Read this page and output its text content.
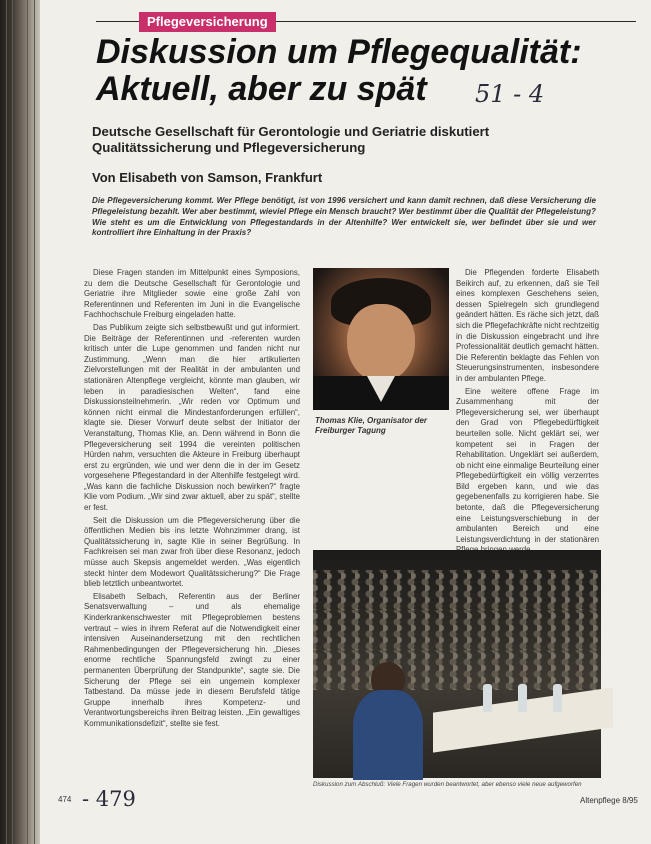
Pflegeversicherung
Diskussion um Pflegequalität:
Aktuell, aber zu spät	51 - 4

Deutsche Gesellschaft für Gerontologie und Geriatrie diskutiert Qualitätssicherung und Pflegeversicherung

Von Elisabeth von Samson, Frankfurt

Die Pflegeversicherung kommt. Wer Pflege benötigt, ist von 1996 versichert und kann damit rechnen, daß diese Versicherung die Pflegeleistung bezahlt. Wer aber bestimmt, wieviel Pflege ein Mensch braucht? Wer bestimmt über die Qualität der Pflegeleistung? Wie steht es um die Entwicklung von Pflegestandards in der Altenhilfe? Wer entwickelt sie, wer befindet über sie und wer kontrolliert ihre Einhaltung in der Praxis?

Diese Fragen standen im Mittelpunkt eines Symposions, zu dem die Deutsche Gesellschaft für Gerontologie und Geriatrie ihre Mitglieder sowie eine große Zahl von Referentinnen und Referenten im Juni in die Evangelische Fachhochschule Freiburg eingeladen hatte.

Das Publikum zeigte sich selbstbewußt und gut informiert. Die Beiträge der Referentinnen und -referenten wurden kritisch unter die Lupe genommen und fanden nicht nur Zustimmung. „Wenn man die hier artikulierten Zielvorstellungen mit der Realität in der ambulanten und stationären Altenpflege vergleicht, könnte man glauben, wir leben in paradiesischen Welten“, fand eine Diskussionsteilnehmerin. „Wir reden vor Optimum und können nicht einmal die Mindestanforderungen erfüllen“, klagte sie. Dieser Vorwurf deute selbst der Initiator der Veranstaltung, Thomas Klie, an. Denn während in Bonn die Pflegeversicherung seit 1994 die vereinten politischen Hürden nahm, versuchten die Akteure in Freiburg überhaupt erst zu ergründen, wie und wer denn die in der im Gesetz vorgesehene Pflegestandard in der Altenhilfe festgelegt wird. „Was kann die fachliche Diskussion noch bewirken?“ fragte Klie vom Podium. „Wir sind zwar aktuell, aber zu spät“, stellte er fest.

Seit die Diskussion um die Pflegeversicherung über die öffentlichen Medien bis ins letzte Wohnzimmer drang, ist Qualitätssicherung in, sagte Klie in seiner Begrüßung. In Fachkreisen sei man zwar froh über diese Resonanz, jedoch müsse auch Skepsis angemeldet werden. „Was eigentlich steckt hinter dem Modewort Qualitätssicherung?“ Die Frage blieb letztlich unbeantwortet.

Elisabeth Selbach, Referentin aus der Berliner Senatsverwaltung – und als ehemalige Kinderkrankenschwester mit Pflegeproblemen bestens vertraut – wies in ihrem Referat auf die Notwendigkeit einer intensiven Auseinandersetzung mit den rechtlichen Rahmenbedingungen der Pflegeversicherung hin. „Dieses enorme rechtliche Spannungsfeld zwingt zu einer permanenten Überprüfung der Standpunkte“, sagte sie. Die Sicherung der Pflege sei ein ungemein komplexer Tatbestand. Da müsse jede in diesem Berufsfeld tätige Gruppe innerhalb ihres Kompetenz- und Verantwortungsbereichs ihren Beitrag leisten. „Ein gewaltiges Kommunikationsdefizit“, stellte sie fest.

Thomas Klie, Organisator der Freiburger Tagung

Die Pflegenden forderte Elisabeth Beikirch auf, zu erkennen, daß sie Teil eines komplexen Geschehens seien, dessen Spielregeln sich grundlegend geändert hätten. Es räche sich jetzt, daß sich die Pflegefachkräfte nicht rechtzeitig in die Diskussion eingebracht und ihre Professionalität deutlich gemacht hätten. Die Referentin beklagte das Fehlen von Steuerungsinstrumenten, insbesondere in der ambulanten Pflege.

Eine weitere offene Frage im Zusammenhang mit der Pflegeversicherung sei, wer überhaupt den Grad von Pflegebedürftigkeit beurteilen solle. Nicht geklärt sei, wer kompetent sei in Fragen der Rehabilitation. Ungeklärt sei außerdem, ob nicht eine einmalige Beurteilung einer Pflegebedürftigkeit ein völlig verzerrtes Bild ergeben kann, und wie das gegebenenfalls zu korrigieren habe. Sie betonte, daß die Pflegeversicherung eine Leistungsverschiebung in der ambulanten Bereich und eine Leistungsverdichtung in der stationären

Diskussion zum Abschluß: Viele Fragen wurden beantwortet, aber ebenso viele neue aufgeworfen

474 - 479	Altenpflege 8/95
